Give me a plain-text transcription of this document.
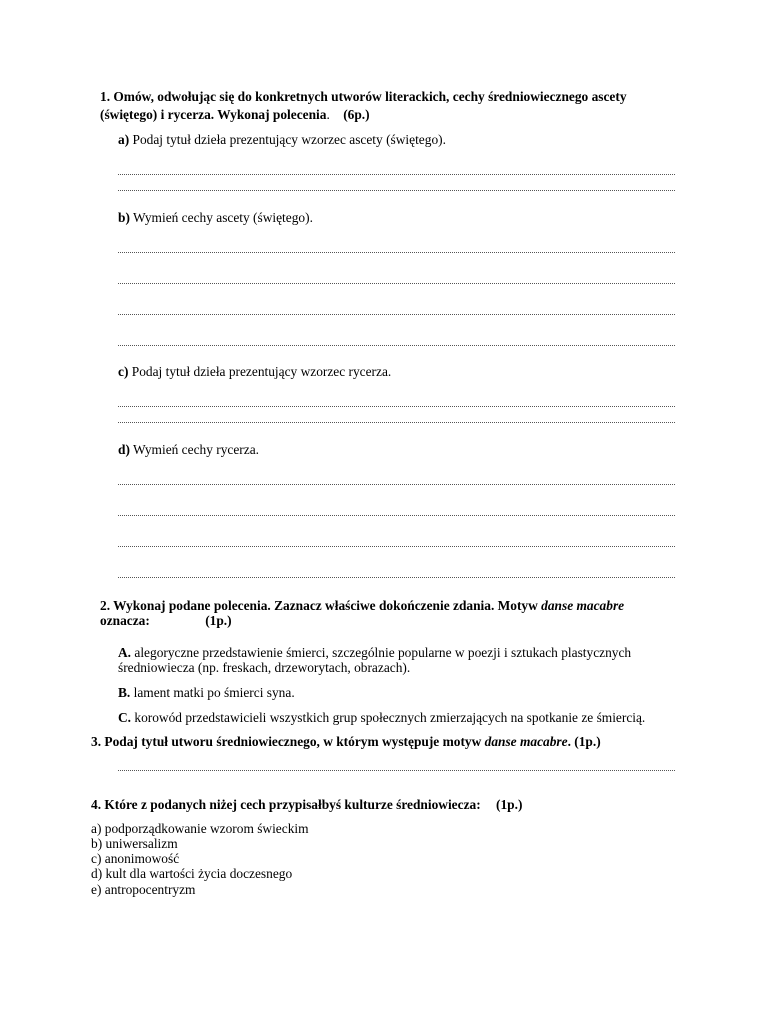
1. Omów, odwołując się do konkretnych utworów literackich, cechy średniowiecznego ascety
(świętego) i rycerza. Wykonaj polecenia. (6p.)
a) Podaj tytuł dzieła prezentujący wzorzec ascety (świętego).
b) Wymień cechy ascety (świętego).
c) Podaj tytuł dzieła prezentujący wzorzec rycerza.
d) Wymień cechy rycerza.
2. Wykonaj podane polecenia. Zaznacz właściwe dokończenie zdania. Motyw danse macabre
oznacza:	(1p.)
A. alegoryczne przedstawienie śmierci, szczególnie popularne w poezji i sztukach plastycznych
średniowiecza (np. freskach, drzeworytach, obrazach).
B. lament matki po śmierci syna.
C. korowód przedstawicieli wszystkich grup społecznych zmierzających na spotkanie ze śmiercią.
3. Podaj tytuł utworu średniowiecznego, w którym występuje motyw danse macabre. (1p.)
4. Które z podanych niżej cech przypisałbyś kulturze średniowiecza: (1p.)
a) podporządkowanie wzorom świeckim
b) uniwersalizm
c) anonimowość
d) kult dla wartości życia doczesnego
e) antropocentryzm
